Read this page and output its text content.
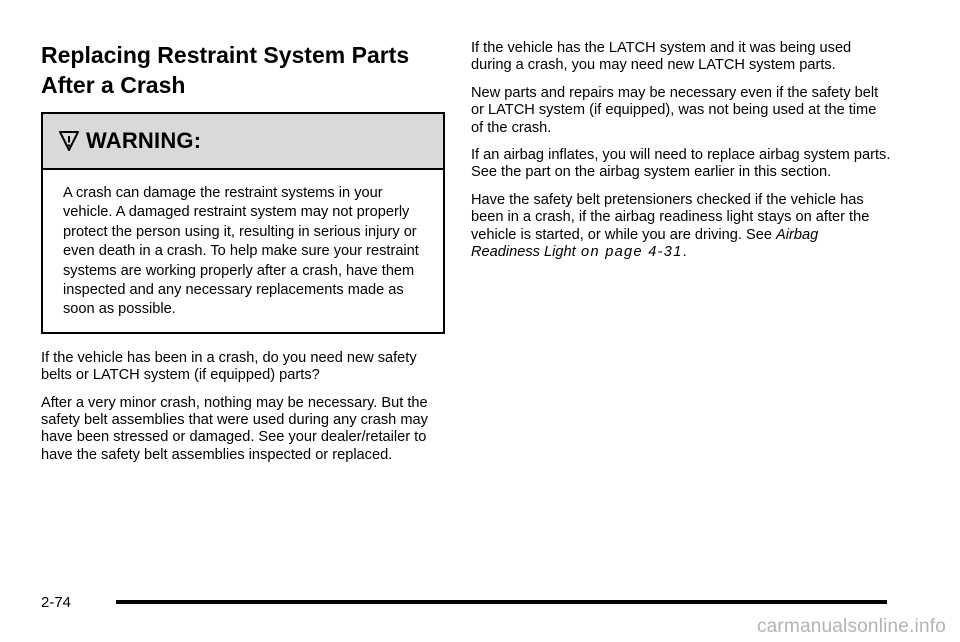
Replacing Restraint System Parts
After a Crash
WARNING:
A crash can damage the restraint systems in your vehicle. A damaged restraint system may not properly protect the person using it, resulting in serious injury or even death in a crash. To help make sure your restraint systems are working properly after a crash, have them inspected and any necessary replacements made as soon as possible.

If the vehicle has been in a crash, do you need new safety belts or LATCH system (if equipped) parts?

After a very minor crash, nothing may be necessary. But the safety belt assemblies that were used during any crash may have been stressed or damaged. See your dealer/retailer to have the safety belt assemblies inspected or replaced.

If the vehicle has the LATCH system and it was being used during a crash, you may need new LATCH system parts.

New parts and repairs may be necessary even if the safety belt or LATCH system (if equipped), was not being used at the time of the crash.

If an airbag inflates, you will need to replace airbag system parts. See the part on the airbag system earlier in this section.

Have the safety belt pretensioners checked if the vehicle has been in a crash, if the airbag readiness light stays on after the vehicle is started, or while you are driving. See Airbag Readiness Light on page 4‑31.

2-74
carmanualsonline.info
